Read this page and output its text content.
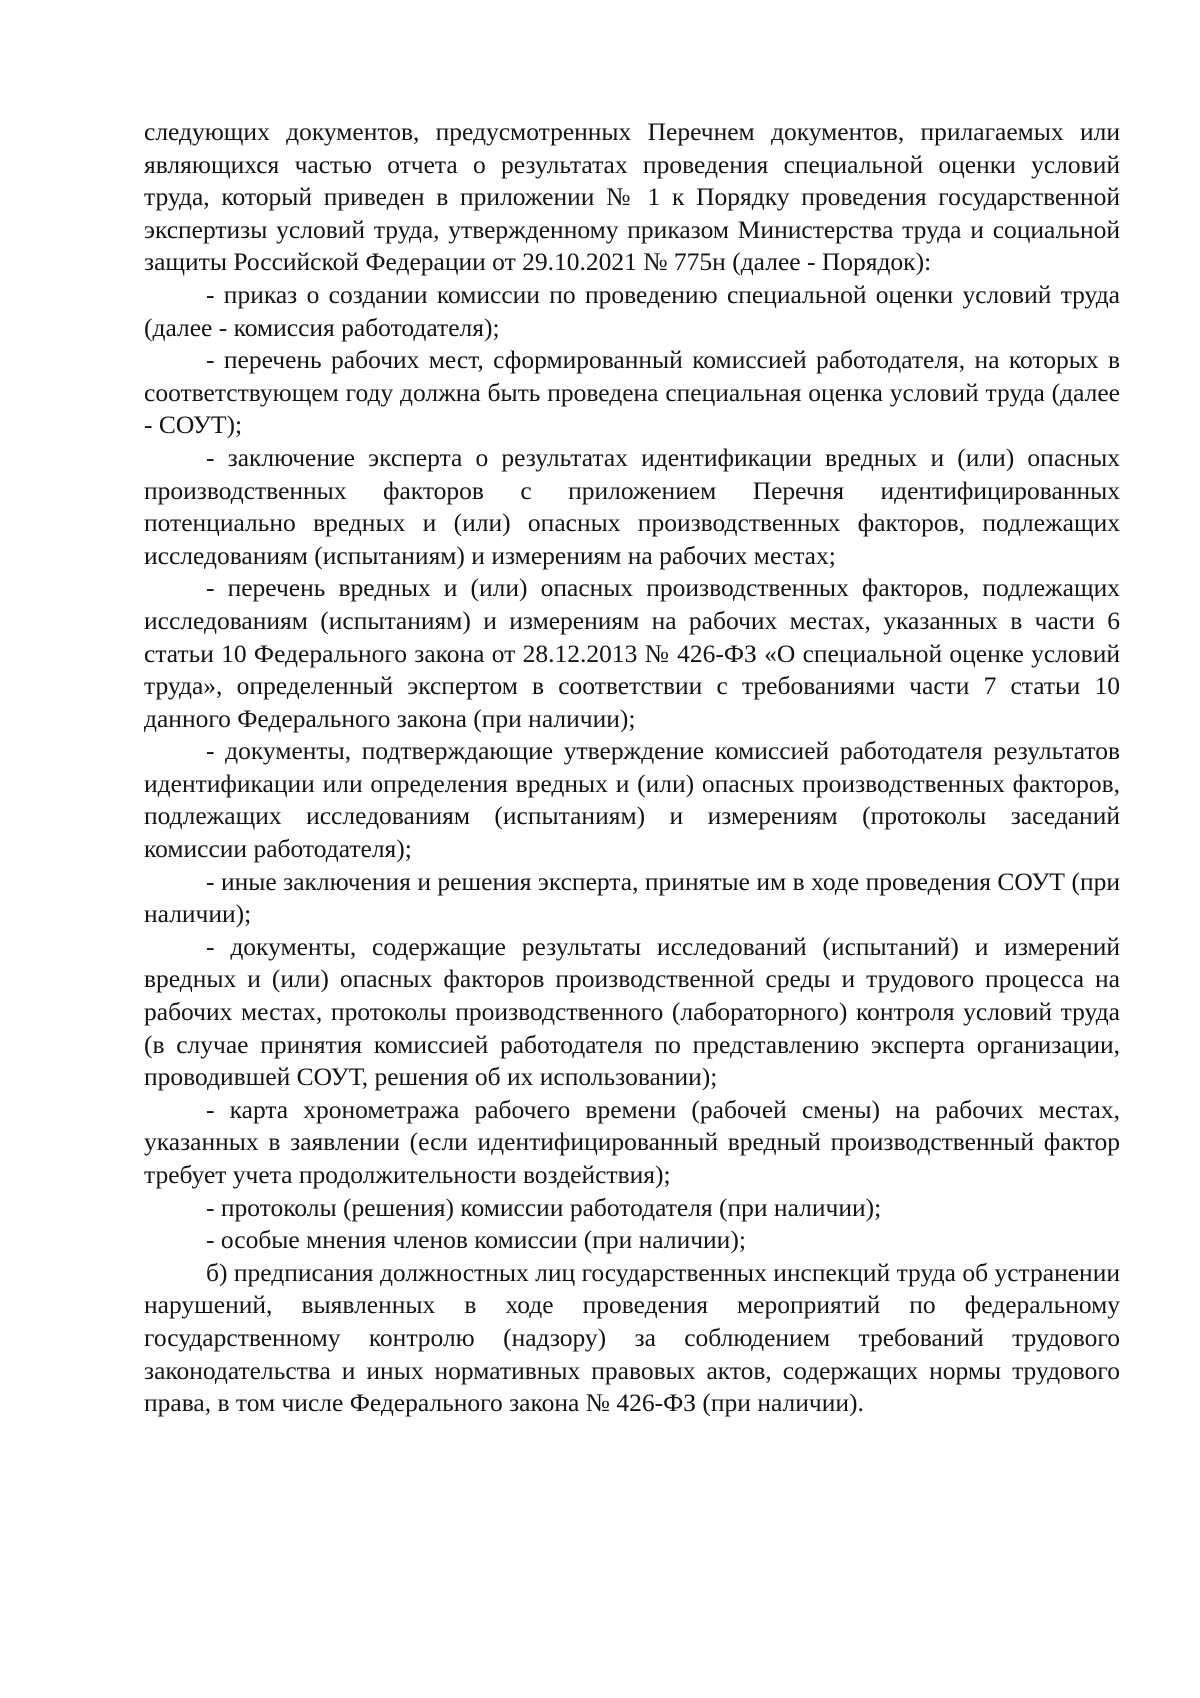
следующих документов, предусмотренных Перечнем документов, прилагаемых или являющихся частью отчета о результатах проведения специальной оценки условий труда, который приведен в приложении № 1 к Порядку проведения государственной экспертизы условий труда, утвержденному приказом Министерства труда и социальной защиты Российской Федерации от 29.10.2021 № 775н (далее - Порядок):

- приказ о создании комиссии по проведению специальной оценки условий труда (далее - комиссия работодателя);

- перечень рабочих мест, сформированный комиссией работодателя, на которых в соответствующем году должна быть проведена специальная оценка условий труда (далее - СОУТ);

- заключение эксперта о результатах идентификации вредных и (или) опасных производственных факторов с приложением Перечня идентифицированных потенциально вредных и (или) опасных производственных факторов, подлежащих исследованиям (испытаниям) и измерениям на рабочих местах;

- перечень вредных и (или) опасных производственных факторов, подлежащих исследованиям (испытаниям) и измерениям на рабочих местах, указанных в части 6 статьи 10 Федерального закона от 28.12.2013 № 426-ФЗ «О специальной оценке условий труда», определенный экспертом в соответствии с требованиями части 7 статьи 10 данного Федерального закона (при наличии);

- документы, подтверждающие утверждение комиссией работодателя результатов идентификации или определения вредных и (или) опасных производственных факторов, подлежащих исследованиям (испытаниям) и измерениям (протоколы заседаний комиссии работодателя);

- иные заключения и решения эксперта, принятые им в ходе проведения СОУТ (при наличии);

- документы, содержащие результаты исследований (испытаний) и измерений вредных и (или) опасных факторов производственной среды и трудового процесса на рабочих местах, протоколы производственного (лабораторного) контроля условий труда (в случае принятия комиссией работодателя по представлению эксперта организации, проводившей СОУТ, решения об их использовании);

- карта хронометража рабочего времени (рабочей смены) на рабочих местах, указанных в заявлении (если идентифицированный вредный производственный фактор требует учета продолжительности воздействия);

- протоколы (решения) комиссии работодателя (при наличии);

- особые мнения членов комиссии (при наличии);

б) предписания должностных лиц государственных инспекций труда об устранении нарушений, выявленных в ходе проведения мероприятий по федеральному государственному контролю (надзору) за соблюдением требований трудового законодательства и иных нормативных правовых актов, содержащих нормы трудового права, в том числе Федерального закона № 426-ФЗ (при наличии).
